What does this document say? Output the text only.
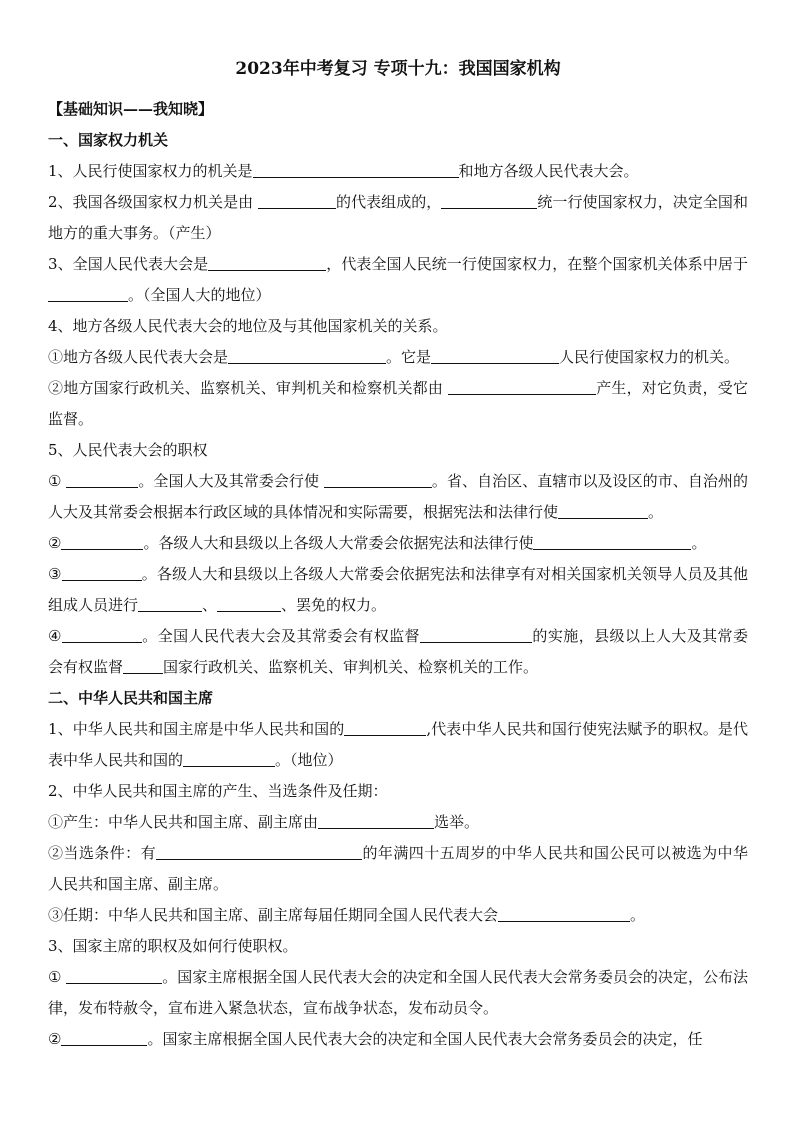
2023年中考复习 专项十九：我国国家机构

【基础知识——我知晓】

一、国家权力机关

1、人民行使国家权力的机关是	和地方各级人民代表大会。

2、我国各级国家权力机关是由	的代表组成的，	统一行使国家权力，决定全国和地方的重大事务。（产生）

3、全国人民代表大会是	，代表全国人民统一行使国家权力，在整个国家机关体系中居于。（全国人大的地位）

4、地方各级人民代表大会的地位及与其他国家机关的关系。

①地方各级人民代表大会是	。它是	人民行使国家权力的机关。

②地方国家行政机关、监察机关、审判机关和检察机关都由	产生，对它负责，受它监督。

5、人民代表大会的职权

①	。全国人大及其常委会行使	。省、自治区、直辖市以及设区的市、自治州的人大及其常委会根据本行政区域的具体情况和实际需要，根据宪法和法律行使	。

②	。各级人大和县级以上各级人大常委会依据宪法和法律行使	。

③	。各级人大和县级以上各级人大常委会依据宪法和法律享有对相关国家机关领导人员及其他组成人员进行	、	、罢免的权力。

④	。全国人民代表大会及其常委会有权监督	的实施，县级以上人大及其常委会有权监督	国家行政机关、监察机关、审判机关、检察机关的工作。

二、中华人民共和国主席

1、中华人民共和国主席是中华人民共和国的	,代表中华人民共和国行使宪法赋予的职权。是代表中华人民共和国的	。（地位）

2、中华人民共和国主席的产生、当选条件及任期：

①产生：中华人民共和国主席、副主席由	选举。

②当选条件：有	的年满四十五周岁的中华人民共和国公民可以被选为中华人民共和国主席、副主席。

③任期：中华人民共和国主席、副主席每届任期同全国人民代表大会	。

3、国家主席的职权及如何行使职权。

①	。国家主席根据全国人民代表大会的决定和全国人民代表大会常务委员会的决定，公布法律，发布特赦令，宣布进入紧急状态，宣布战争状态，发布动员令。

②	。国家主席根据全国人民代表大会的决定和全国人民代表大会常务委员会的决定，任
